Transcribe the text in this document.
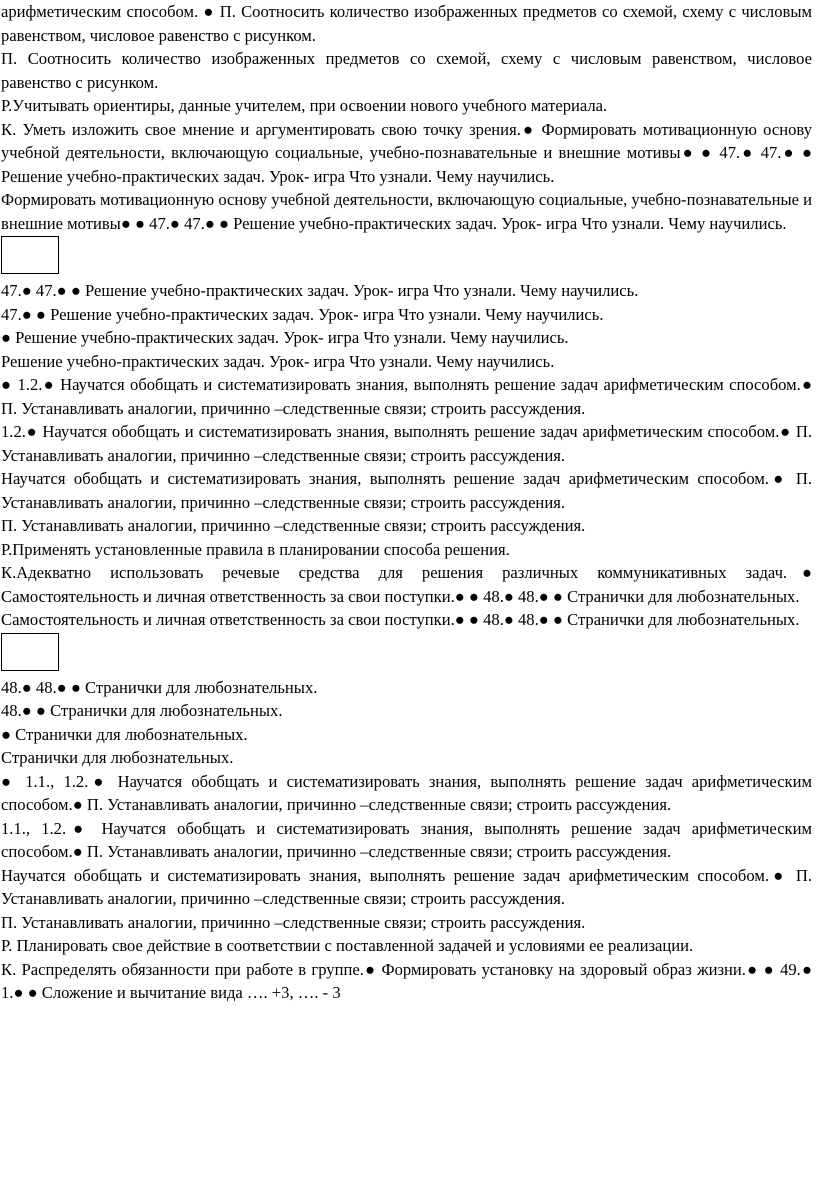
арифметическим способом. ● П. Соотносить количество изображенных предметов со схемой, схему с числовым равенством, числовое равенство с рисунком.

П. Соотносить количество изображенных предметов со схемой, схему с числовым равенством, числовое равенство с рисунком.

Р.Учитывать ориентиры, данные учителем, при освоении нового учебного материала.

К. Уметь изложить свое мнение и аргументировать свою точку зрения.● Формировать мотивационную основу учебной деятельности, включающую социальные, учебно-познавательные и внешние мотивы● ● 47.● 47.● ● Решение учебно-практических задач. Урок- игра Что узнали. Чему научились.

Формировать мотивационную основу учебной деятельности, включающую социальные, учебно-познавательные и внешние мотивы● ● 47.● 47.● ● Решение учебно-практических задач. Урок- игра Что узнали. Чему научились.

47.● 47.● ● Решение учебно-практических задач. Урок- игра Что узнали. Чему научились.

47.● ● Решение учебно-практических задач. Урок- игра Что узнали. Чему научились.

● Решение учебно-практических задач. Урок- игра Что узнали. Чему научились.

Решение учебно-практических задач. Урок- игра Что узнали. Чему научились.

● 1.2.● Научатся обобщать и систематизировать знания, выполнять решение задач арифметическим способом.● П. Устанавливать аналогии, причинно –следственные связи; строить рассуждения.

1.2.● Научатся обобщать и систематизировать знания, выполнять решение задач арифметическим способом.● П. Устанавливать аналогии, причинно –следственные связи; строить рассуждения.

Научатся обобщать и систематизировать знания, выполнять решение задач арифметическим способом.● П. Устанавливать аналогии, причинно –следственные связи; строить рассуждения.

П. Устанавливать аналогии, причинно –следственные связи; строить рассуждения.

Р.Применять установленные правила в планировании способа решения.

К.Адекватно использовать речевые средства для решения различных коммуникативных задач.● Самостоятельность и личная ответственность за свои поступки.● ● 48.● 48.● ● Странички для любознательных.

Самостоятельность и личная ответственность за свои поступки.● ● 48.● 48.● ● Странички для любознательных.

48.● 48.● ● Странички для любознательных.

48.● ● Странички для любознательных.

● Странички для любознательных.

Странички для любознательных.

● 1.1., 1.2.● Научатся обобщать и систематизировать знания, выполнять решение задач арифметическим способом.● П. Устанавливать аналогии, причинно –следственные связи; строить рассуждения.

1.1., 1.2.● Научатся обобщать и систематизировать знания, выполнять решение задач арифметическим способом.● П. Устанавливать аналогии, причинно –следственные связи; строить рассуждения.

Научатся обобщать и систематизировать знания, выполнять решение задач арифметическим способом.● П. Устанавливать аналогии, причинно –следственные связи; строить рассуждения.

П. Устанавливать аналогии, причинно –следственные связи; строить рассуждения.

Р. Планировать свое действие в соответствии с поставленной задачей и условиями ее реализации.

К. Распределять обязанности при работе в группе.● Формировать установку на здоровый образ жизни.● ● 49.● 1.● ● Сложение и вычитание вида …. +3, …. - 3
